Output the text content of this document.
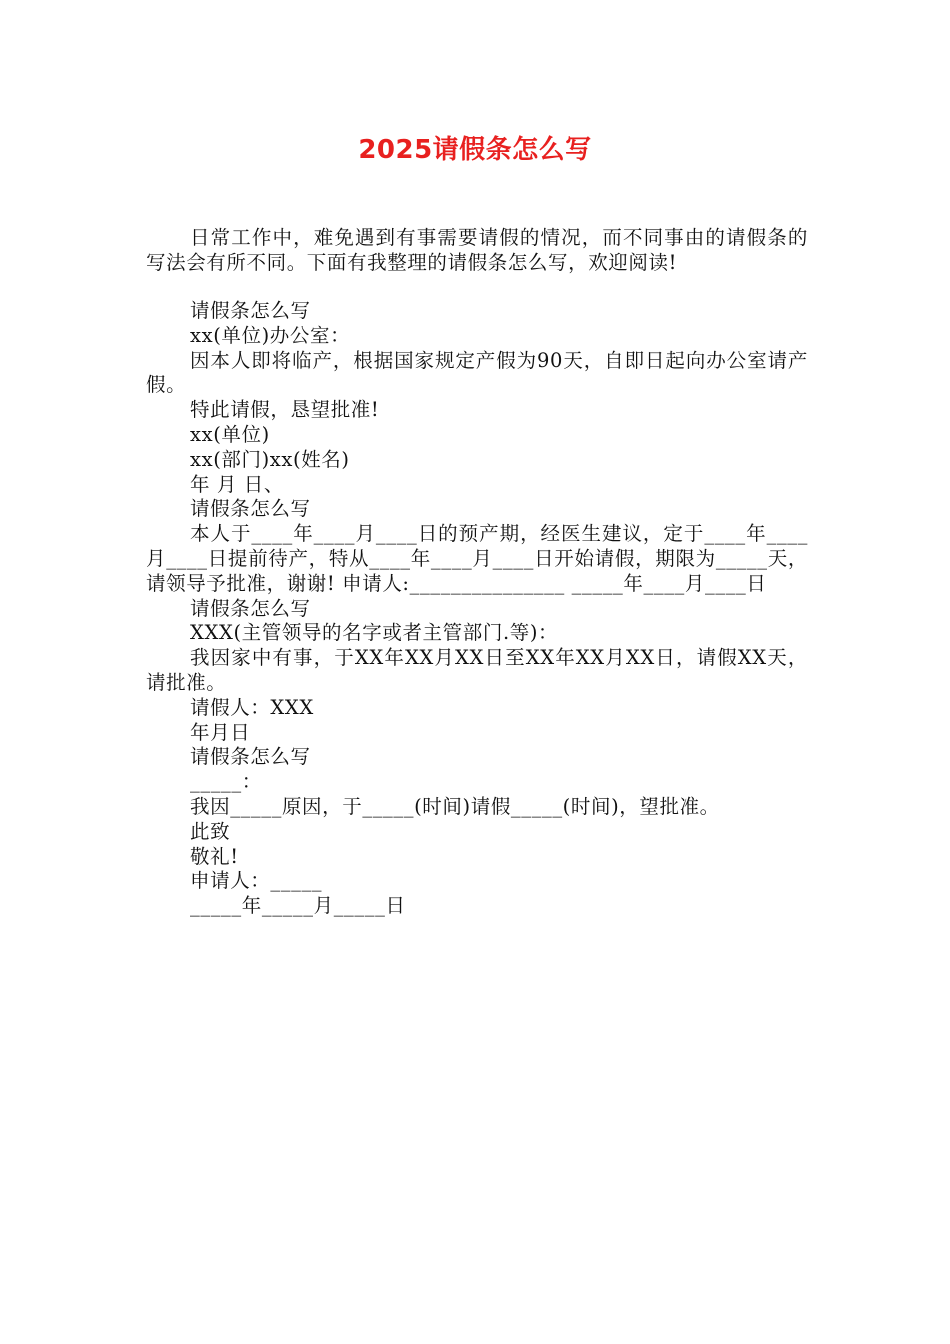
2025请假条怎么写

日常工作中，难免遇到有事需要请假的情况，而不同事由的请假条的写法会有所不同。下面有我整理的请假条怎么写，欢迎阅读!

请假条怎么写

xx(单位)办公室：

因本人即将临产，根据国家规定产假为90天，自即日起向办公室请产假。

特此请假，恳望批准!

xx(单位)

xx(部门)xx(姓名)

年 月 日、

请假条怎么写

本人于____年____月____日的预产期，经医生建议，定于____年____月____日提前待产，特从____年____月____日开始请假，期限为_____天，请领导予批准，谢谢! 申请人:_______________ _____年____月____日

请假条怎么写

XXX(主管领导的名字或者主管部门.等)：

我因家中有事，于XX年XX月XX日至XX年XX月XX日，请假XX天，请批准。

请假人：XXX

年月日

请假条怎么写

_____：

我因_____原因，于_____(时间)请假_____(时间)，望批准。

此致

敬礼!

申请人：_____

_____年_____月_____日
